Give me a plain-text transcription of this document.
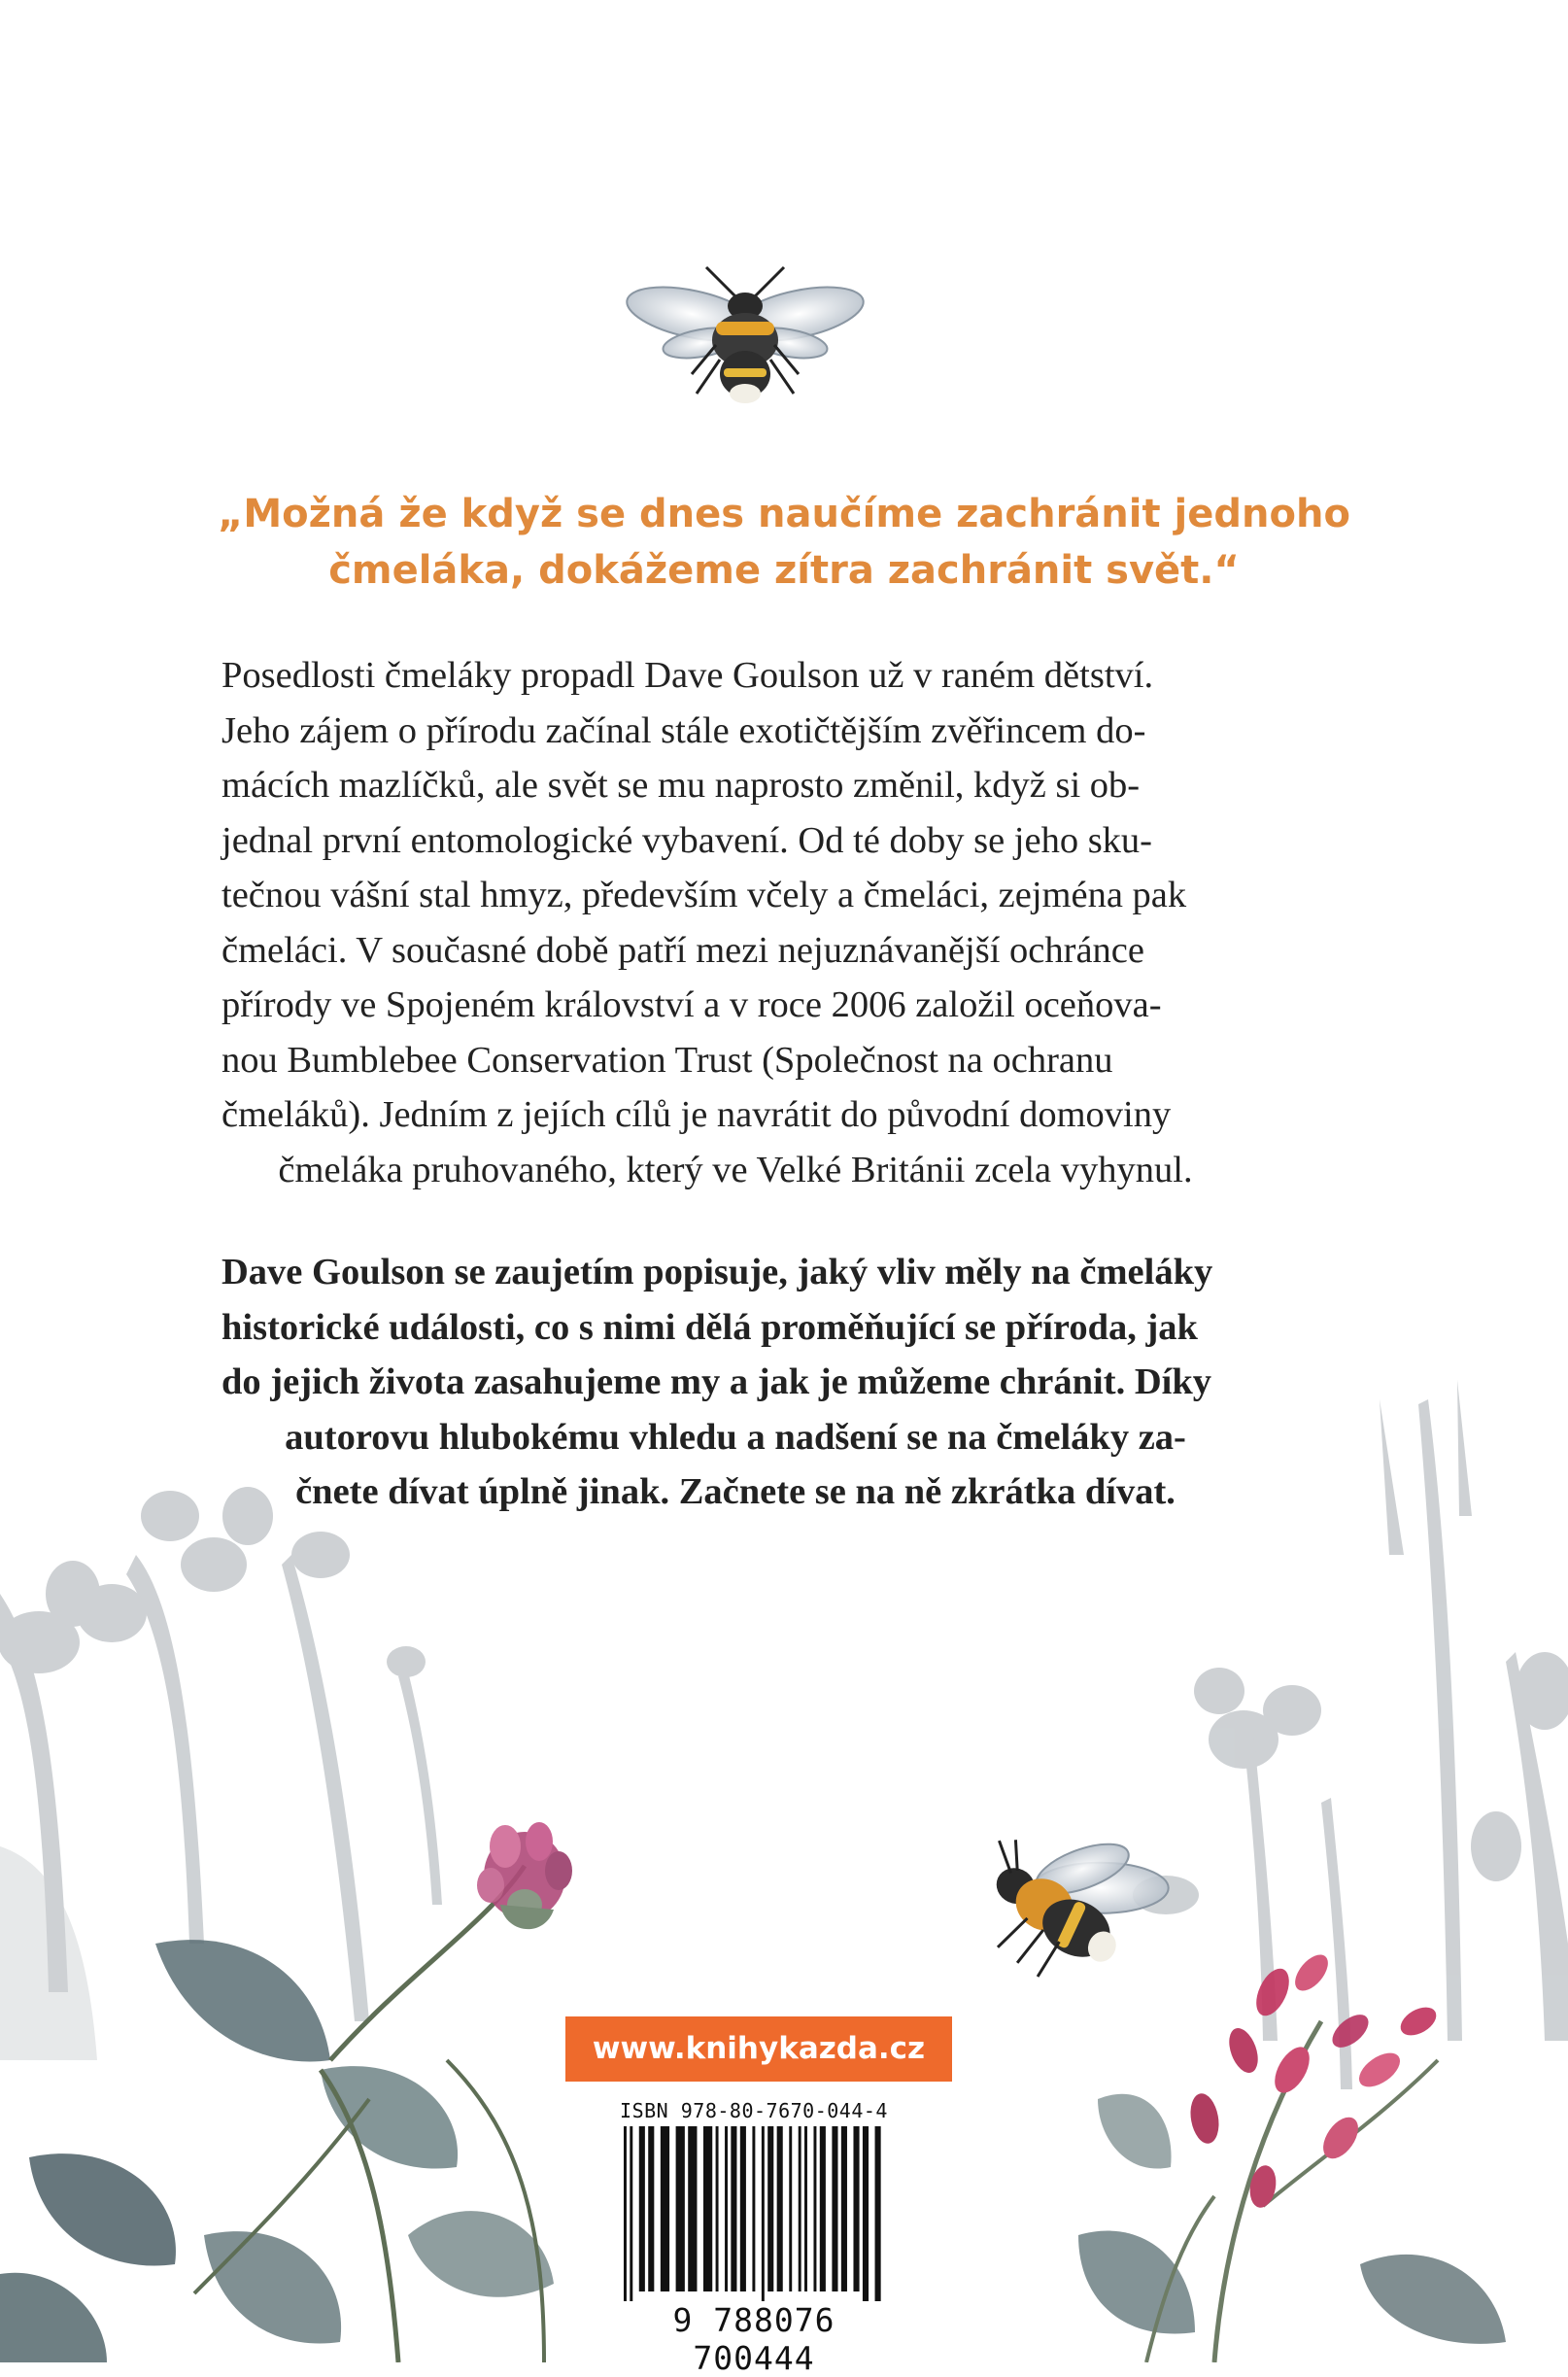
„Možná že když se dnes naučíme zachránit jednoho
čmeláka, dokážeme zítra zachránit svět.“
Posedlosti čmeláky propadl Dave Goulson už v raném dětství.
Jeho zájem o přírodu začínal stále exotičtějším zvěřincem do-
mácích mazlíčků, ale svět se mu naprosto změnil, když si ob-
jednal první entomologické vybavení. Od té doby se jeho sku-
tečnou vášní stal hmyz, především včely a čmeláci, zejména pak
čmeláci. V současné době patří mezi nejuznávanější ochránce
přírody ve Spojeném království a v roce 2006 založil oceňova-
nou Bumblebee Conservation Trust (Společnost na ochranu
čmeláků). Jedním z jejích cílů je navrátit do původní domoviny
čmeláka pruhovaného, který ve Velké Británii zcela vyhynul.
Dave Goulson se zaujetím popisuje, jaký vliv měly na čmeláky
historické události, co s nimi dělá proměňující se příroda, jak
do jejich života zasahujeme my a jak je můžeme chránit. Díky
autorovu hlubokému vhledu a nadšení se na čmeláky za-
čnete dívat úplně jinak. Začnete se na ně zkrátka dívat.
www.knihykazda.cz
ISBN 978-80-7670-044-4
9 788076 700444
